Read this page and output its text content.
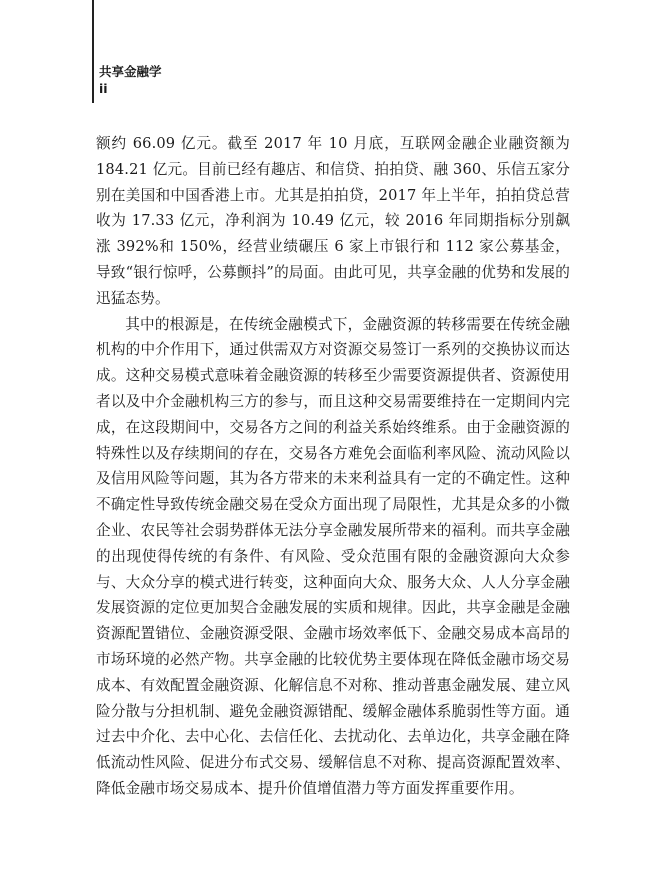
共享金融学
ii

额约 66.09 亿元。截至 2017 年 10 月底，互联网金融企业融资额为 184.21 亿元。目前已经有趣店、和信贷、拍拍贷、融 360、乐信五家分别在美国和中国香港上市。尤其是拍拍贷，2017 年上半年，拍拍贷总营收为 17.33 亿元，净利润为 10.49 亿元，较 2016 年同期指标分别飙涨 392%和 150%，经营业绩碾压 6 家上市银行和 112 家公募基金，导致“银行惊呼，公募颤抖”的局面。由此可见，共享金融的优势和发展的迅猛态势。

其中的根源是，在传统金融模式下，金融资源的转移需要在传统金融机构的中介作用下，通过供需双方对资源交易签订一系列的交换协议而达成。这种交易模式意味着金融资源的转移至少需要资源提供者、资源使用者以及中介金融机构三方的参与，而且这种交易需要维持在一定期间内完成，在这段期间中，交易各方之间的利益关系始终维系。由于金融资源的特殊性以及存续期间的存在，交易各方难免会面临利率风险、流动风险以及信用风险等问题，其为各方带来的未来利益具有一定的不确定性。这种不确定性导致传统金融交易在受众方面出现了局限性，尤其是众多的小微企业、农民等社会弱势群体无法分享金融发展所带来的福利。而共享金融的出现使得传统的有条件、有风险、受众范围有限的金融资源向大众参与、大众分享的模式进行转变，这种面向大众、服务大众、人人分享金融发展资源的定位更加契合金融发展的实质和规律。因此，共享金融是金融资源配置错位、金融资源受限、金融市场效率低下、金融交易成本高昂的市场环境的必然产物。共享金融的比较优势主要体现在降低金融市场交易成本、有效配置金融资源、化解信息不对称、推动普惠金融发展、建立风险分散与分担机制、避免金融资源错配、缓解金融体系脆弱性等方面。通过去中介化、去中心化、去信任化、去扰动化、去单边化，共享金融在降低流动性风险、促进分布式交易、缓解信息不对称、提高资源配置效率、降低金融市场交易成本、提升价值增值潜力等方面发挥重要作用。
